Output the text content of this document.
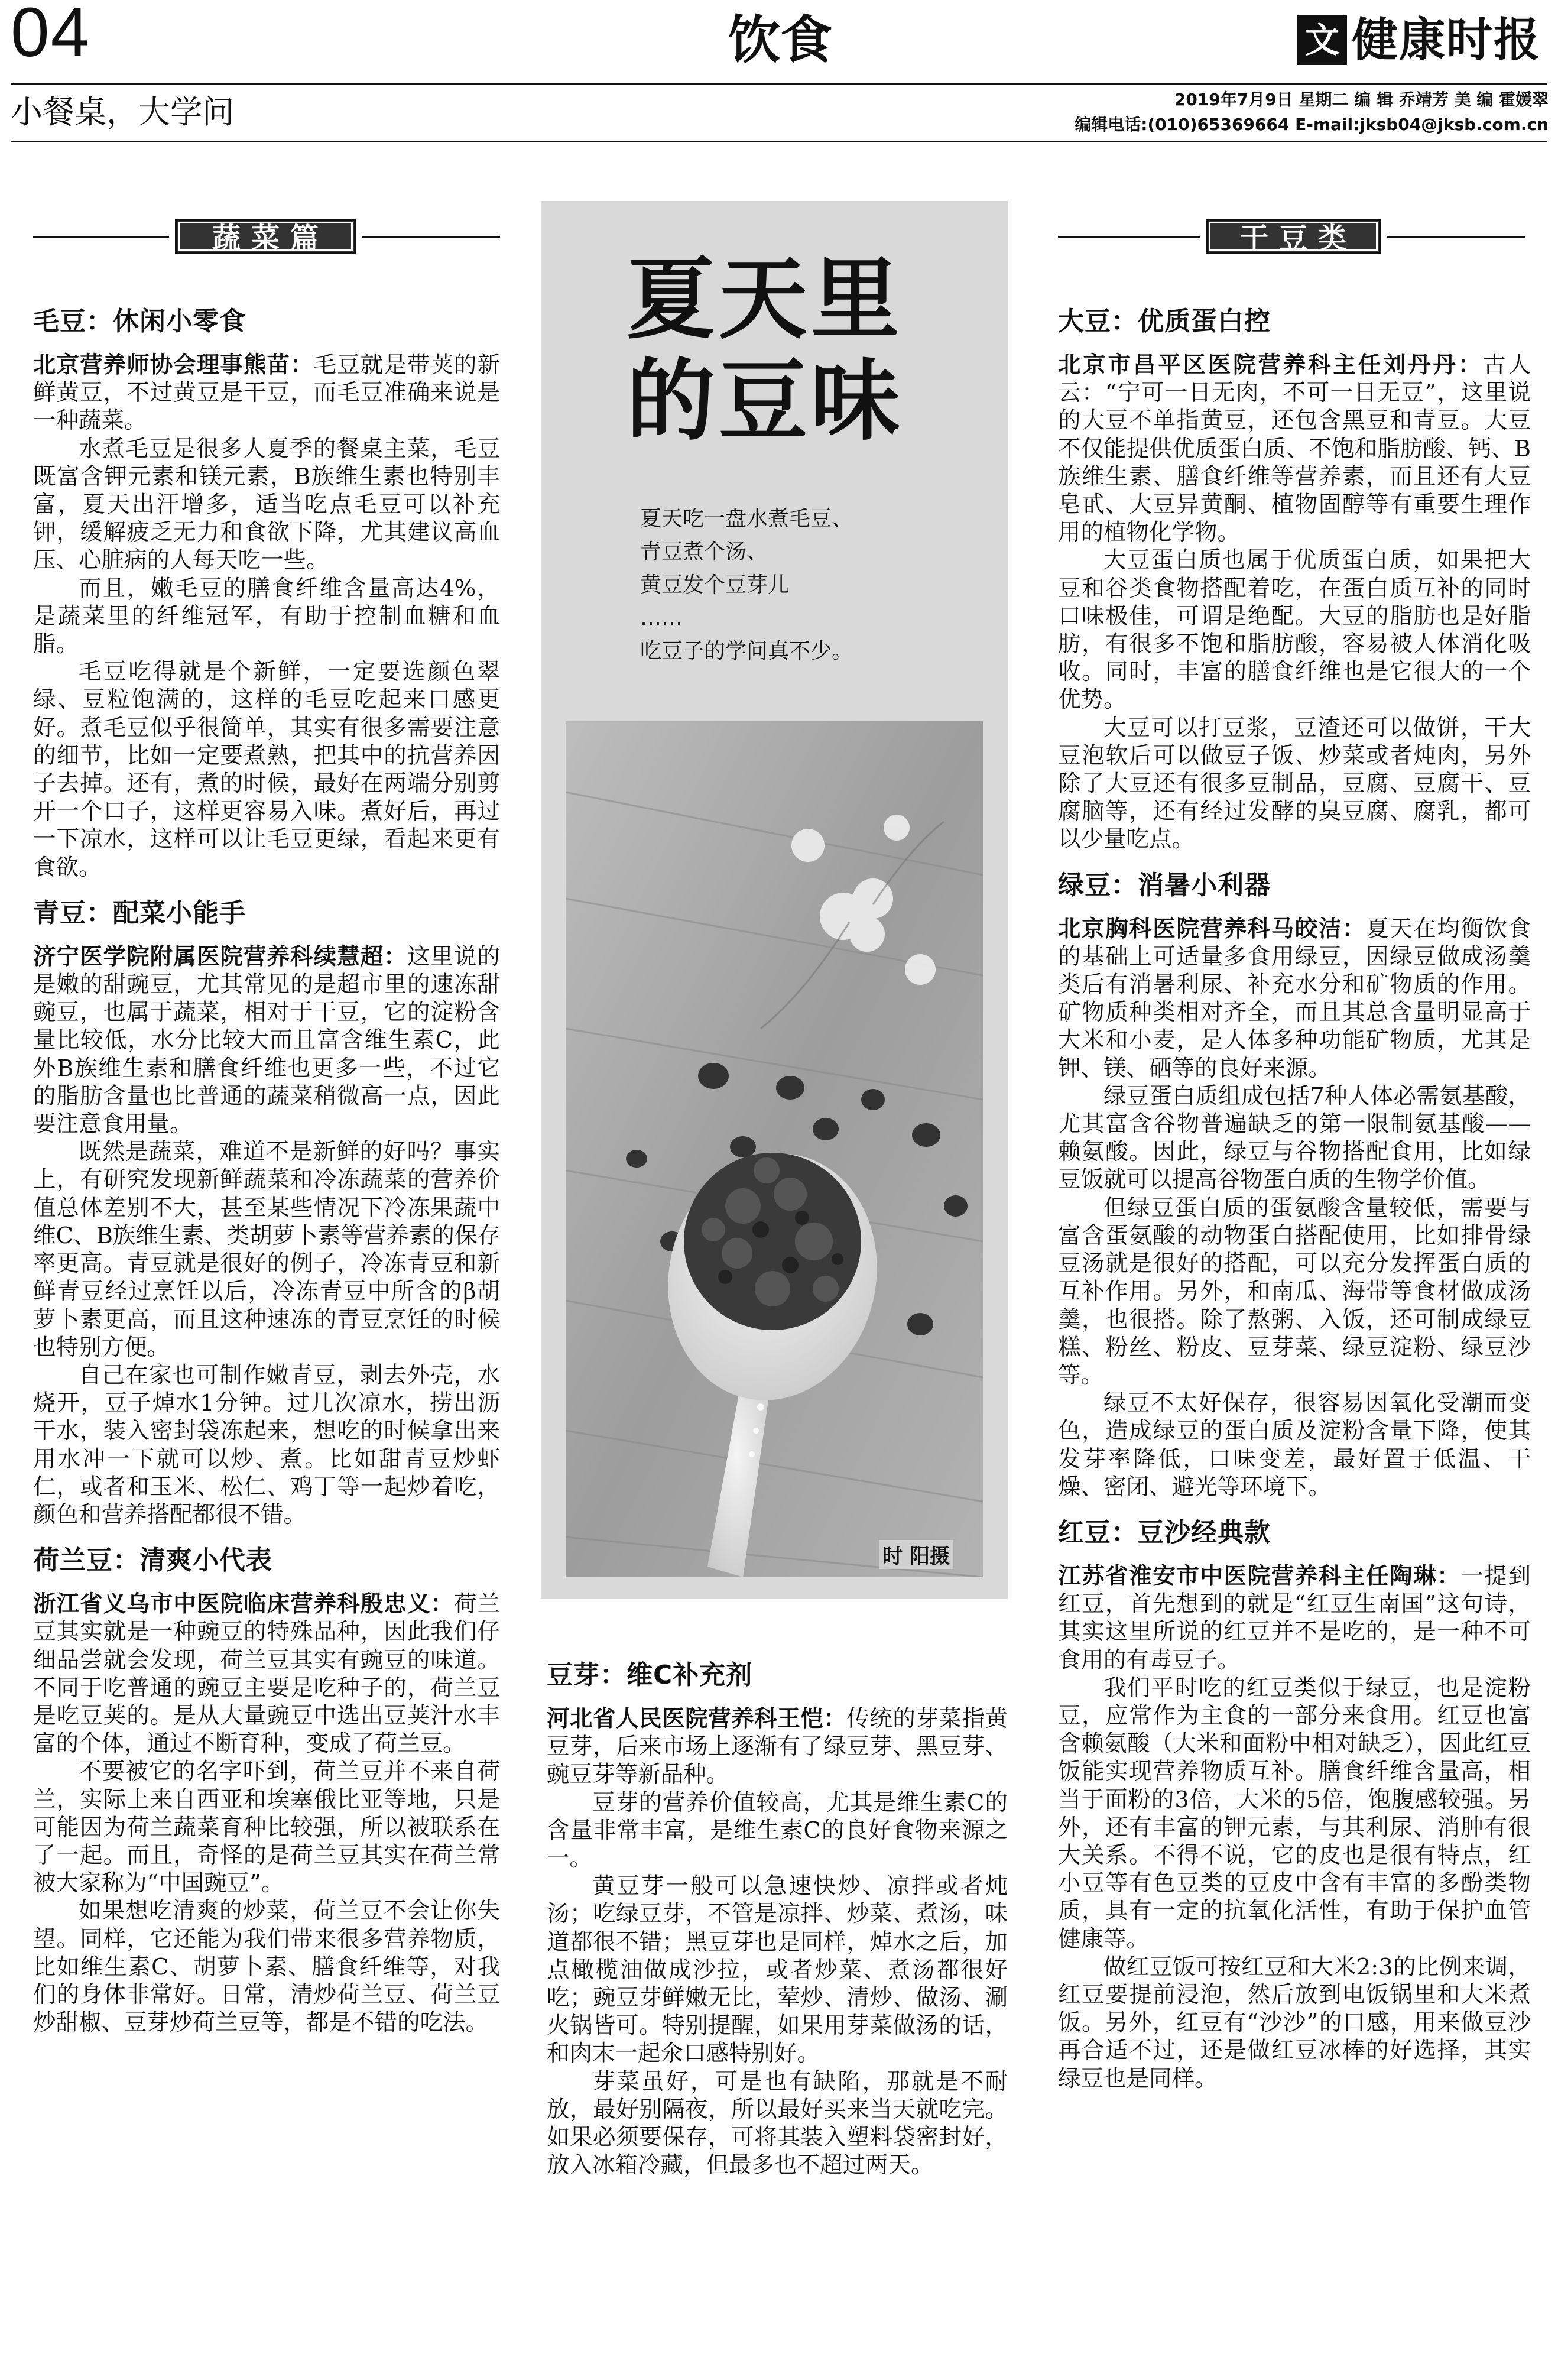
04	饮食	文 健康时报
小餐桌，大学问	2019年7月9日 星期二 编 辑 乔靖芳 美 编 霍媛翠
编辑电话:(010)65369664 E-mail:jksb04@jksb.com.cn
蔬菜篇	干豆类
毛豆：休闲小零食

北京营养师协会理事熊苗：毛豆就是带荚的新鲜黄豆，不过黄豆是干豆，而毛豆准确来说是一种蔬菜。

水煮毛豆是很多人夏季的餐桌主菜，毛豆既富含钾元素和镁元素，B族维生素也特别丰富，夏天出汗增多，适当吃点毛豆可以补充钾，缓解疲乏无力和食欲下降，尤其建议高血压、心脏病的人每天吃一些。

而且，嫩毛豆的膳食纤维含量高达4%，是蔬菜里的纤维冠军，有助于控制血糖和血脂。

毛豆吃得就是个新鲜，一定要选颜色翠绿、豆粒饱满的，这样的毛豆吃起来口感更好。煮毛豆似乎很简单，其实有很多需要注意的细节，比如一定要煮熟，把其中的抗营养因子去掉。还有，煮的时候，最好在两端分别剪开一个口子，这样更容易入味。煮好后，再过一下凉水，这样可以让毛豆更绿，看起来更有食欲。

青豆：配菜小能手

济宁医学院附属医院营养科续慧超：这里说的是嫩的甜豌豆，尤其常见的是超市里的速冻甜豌豆，也属于蔬菜，相对于干豆，它的淀粉含量比较低，水分比较大而且富含维生素C，此外B族维生素和膳食纤维也更多一些，不过它的脂肪含量也比普通的蔬菜稍微高一点，因此要注意食用量。

既然是蔬菜，难道不是新鲜的好吗？事实上，有研究发现新鲜蔬菜和冷冻蔬菜的营养价值总体差别不大，甚至某些情况下冷冻果蔬中维C、B族维生素、类胡萝卜素等营养素的保存率更高。青豆就是很好的例子，冷冻青豆和新鲜青豆经过烹饪以后，冷冻青豆中所含的β胡萝卜素更高，而且这种速冻的青豆烹饪的时候也特别方便。

自己在家也可制作嫩青豆，剥去外壳，水烧开，豆子焯水1分钟。过几次凉水，捞出沥干水，装入密封袋冻起来，想吃的时候拿出来用水冲一下就可以炒、煮。比如甜青豆炒虾仁，或者和玉米、松仁、鸡丁等一起炒着吃，颜色和营养搭配都很不错。

荷兰豆：清爽小代表

浙江省义乌市中医院临床营养科殷忠义：荷兰豆其实就是一种豌豆的特殊品种，因此我们仔细品尝就会发现，荷兰豆其实有豌豆的味道。不同于吃普通的豌豆主要是吃种子的，荷兰豆是吃豆荚的。是从大量豌豆中选出豆荚汁水丰富的个体，通过不断育种，变成了荷兰豆。

不要被它的名字吓到，荷兰豆并不来自荷兰，实际上来自西亚和埃塞俄比亚等地，只是可能因为荷兰蔬菜育种比较强，所以被联系在了一起。而且，奇怪的是荷兰豆其实在荷兰常被大家称为“中国豌豆”。

如果想吃清爽的炒菜，荷兰豆不会让你失望。同样，它还能为我们带来很多营养物质，比如维生素C、胡萝卜素、膳食纤维等，对我们的身体非常好。日常，清炒荷兰豆、荷兰豆炒甜椒、豆芽炒荷兰豆等，都是不错的吃法。

夏天里的豆味
夏天吃一盘水煮毛豆、
青豆煮个汤、
黄豆发个豆芽儿
……
吃豆子的学问真不少。
时 阳摄
豆芽：维C补充剂

河北省人民医院营养科王恺：传统的芽菜指黄豆芽，后来市场上逐渐有了绿豆芽、黑豆芽、豌豆芽等新品种。

豆芽的营养价值较高，尤其是维生素C的含量非常丰富，是维生素C的良好食物来源之一。

黄豆芽一般可以急速快炒、凉拌或者炖汤；吃绿豆芽，不管是凉拌、炒菜、煮汤，味道都很不错；黑豆芽也是同样，焯水之后，加点橄榄油做成沙拉，或者炒菜、煮汤都很好吃；豌豆芽鲜嫩无比，荤炒、清炒、做汤、涮火锅皆可。特别提醒，如果用芽菜做汤的话，和肉末一起氽口感特别好。

芽菜虽好，可是也有缺陷，那就是不耐放，最好别隔夜，所以最好买来当天就吃完。如果必须要保存，可将其装入塑料袋密封好，放入冰箱冷藏，但最多也不超过两天。

大豆：优质蛋白控

北京市昌平区医院营养科主任刘丹丹：古人云：“宁可一日无肉，不可一日无豆”，这里说的大豆不单指黄豆，还包含黑豆和青豆。大豆不仅能提供优质蛋白质、不饱和脂肪酸、钙、B族维生素、膳食纤维等营养素，而且还有大豆皂甙、大豆异黄酮、植物固醇等有重要生理作用的植物化学物。

大豆蛋白质也属于优质蛋白质，如果把大豆和谷类食物搭配着吃，在蛋白质互补的同时口味极佳，可谓是绝配。大豆的脂肪也是好脂肪，有很多不饱和脂肪酸，容易被人体消化吸收。同时，丰富的膳食纤维也是它很大的一个优势。

大豆可以打豆浆，豆渣还可以做饼，干大豆泡软后可以做豆子饭、炒菜或者炖肉，另外除了大豆还有很多豆制品，豆腐、豆腐干、豆腐脑等，还有经过发酵的臭豆腐、腐乳，都可以少量吃点。

绿豆：消暑小利器

北京胸科医院营养科马皎洁：夏天在均衡饮食的基础上可适量多食用绿豆，因绿豆做成汤羹类后有消暑利尿、补充水分和矿物质的作用。矿物质种类相对齐全，而且其总含量明显高于大米和小麦，是人体多种功能矿物质，尤其是钾、镁、硒等的良好来源。

绿豆蛋白质组成包括7种人体必需氨基酸，尤其富含谷物普遍缺乏的第一限制氨基酸——赖氨酸。因此，绿豆与谷物搭配食用，比如绿豆饭就可以提高谷物蛋白质的生物学价值。

但绿豆蛋白质的蛋氨酸含量较低，需要与富含蛋氨酸的动物蛋白搭配使用，比如排骨绿豆汤就是很好的搭配，可以充分发挥蛋白质的互补作用。另外，和南瓜、海带等食材做成汤羹，也很搭。除了熬粥、入饭，还可制成绿豆糕、粉丝、粉皮、豆芽菜、绿豆淀粉、绿豆沙等。

绿豆不太好保存，很容易因氧化受潮而变色，造成绿豆的蛋白质及淀粉含量下降，使其发芽率降低，口味变差，最好置于低温、干燥、密闭、避光等环境下。

红豆：豆沙经典款

江苏省淮安市中医院营养科主任陶琳：一提到红豆，首先想到的就是“红豆生南国”这句诗，其实这里所说的红豆并不是吃的，是一种不可食用的有毒豆子。

我们平时吃的红豆类似于绿豆，也是淀粉豆，应常作为主食的一部分来食用。红豆也富含赖氨酸（大米和面粉中相对缺乏），因此红豆饭能实现营养物质互补。膳食纤维含量高，相当于面粉的3倍，大米的5倍，饱腹感较强。另外，还有丰富的钾元素，与其利尿、消肿有很大关系。不得不说，它的皮也是很有特点，红小豆等有色豆类的豆皮中含有丰富的多酚类物质，具有一定的抗氧化活性，有助于保护血管健康等。

做红豆饭可按红豆和大米2:3的比例来调，红豆要提前浸泡，然后放到电饭锅里和大米煮饭。另外，红豆有“沙沙”的口感，用来做豆沙再合适不过，还是做红豆冰棒的好选择，其实绿豆也是同样。
